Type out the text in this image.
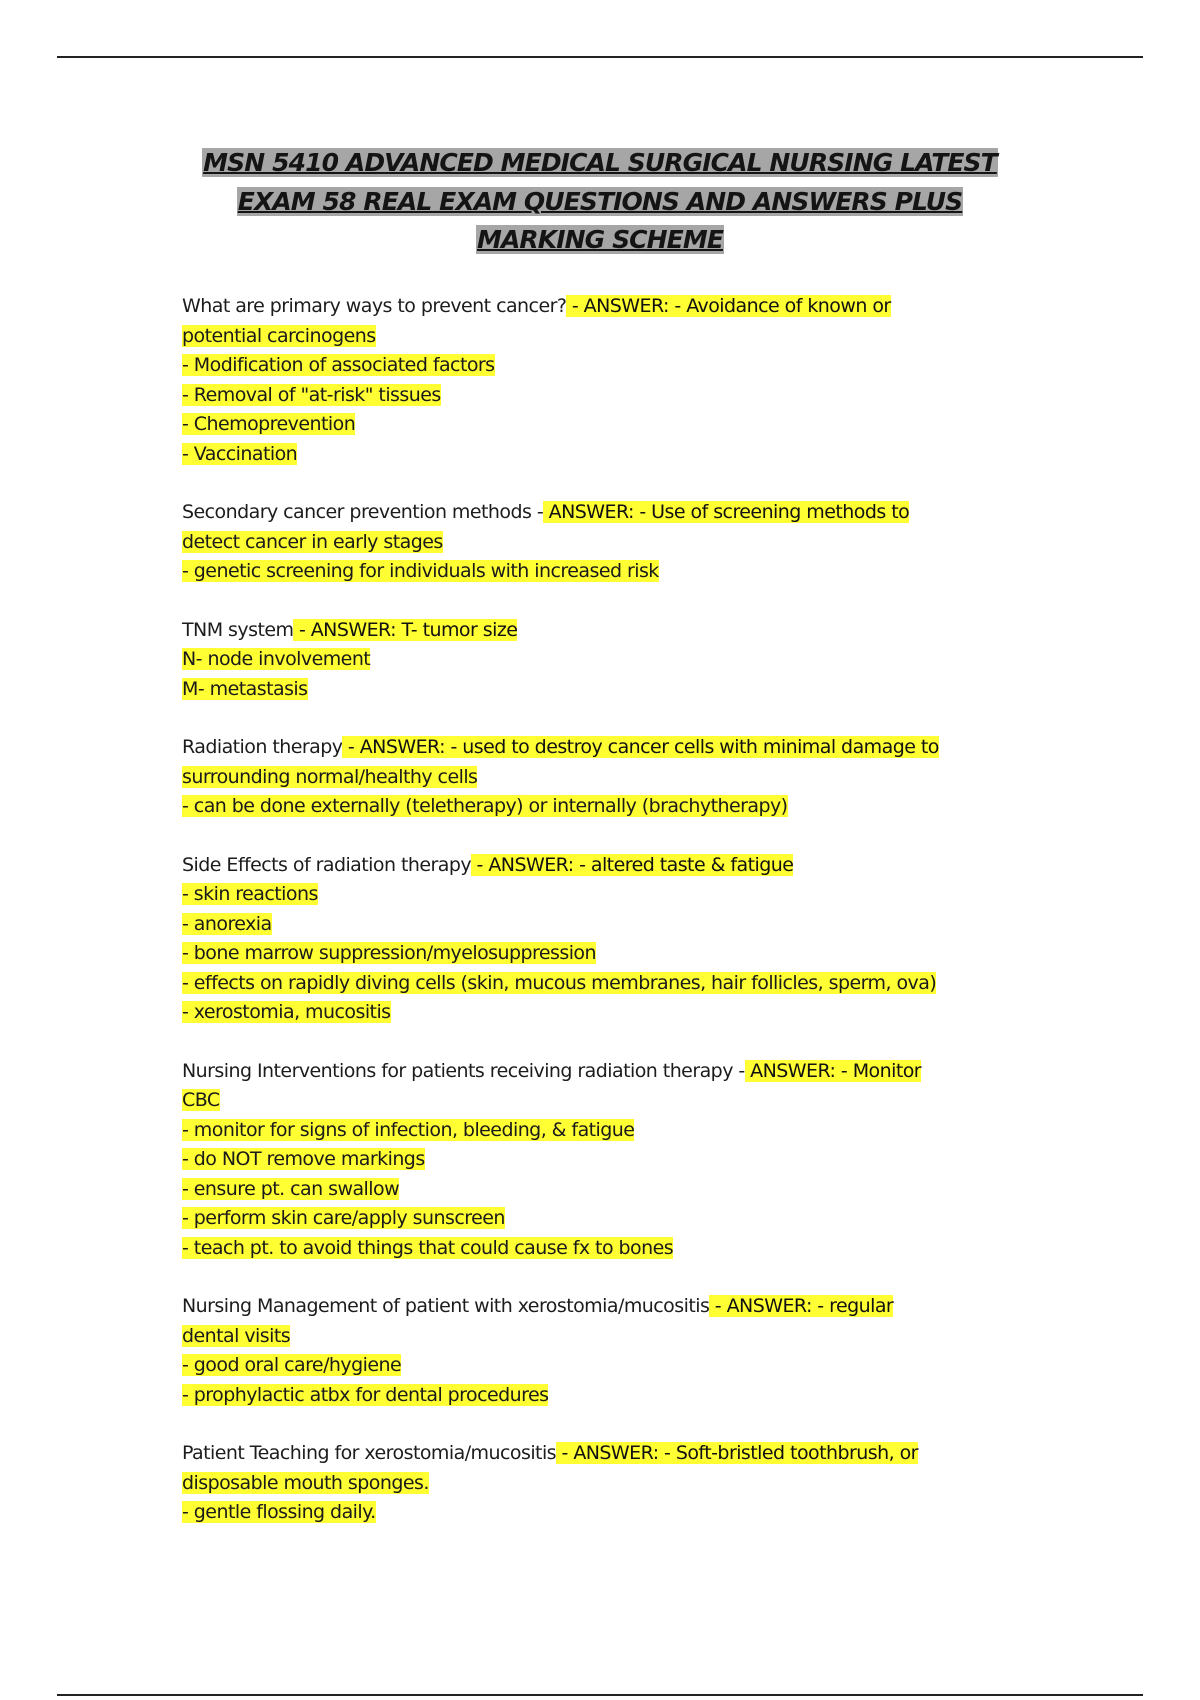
MSN 5410 ADVANCED MEDICAL SURGICAL NURSING LATEST
EXAM 58 REAL EXAM QUESTIONS AND ANSWERS PLUS
MARKING SCHEME
What are primary ways to prevent cancer? - ANSWER: - Avoidance of known or
potential carcinogens
- Modification of associated factors
- Removal of "at-risk" tissues
- Chemoprevention
- Vaccination
Secondary cancer prevention methods - ANSWER: - Use of screening methods to
detect cancer in early stages
- genetic screening for individuals with increased risk
TNM system - ANSWER: T- tumor size
N- node involvement
M- metastasis
Radiation therapy - ANSWER: - used to destroy cancer cells with minimal damage to
surrounding normal/healthy cells
- can be done externally (teletherapy) or internally (brachytherapy)
Side Effects of radiation therapy - ANSWER: - altered taste & fatigue
- skin reactions
- anorexia
- bone marrow suppression/myelosuppression
- effects on rapidly diving cells (skin, mucous membranes, hair follicles, sperm, ova)
- xerostomia, mucositis
Nursing Interventions for patients receiving radiation therapy - ANSWER: - Monitor
CBC
- monitor for signs of infection, bleeding, & fatigue
- do NOT remove markings
- ensure pt. can swallow
- perform skin care/apply sunscreen
- teach pt. to avoid things that could cause fx to bones
Nursing Management of patient with xerostomia/mucositis - ANSWER: - regular
dental visits
- good oral care/hygiene
- prophylactic atbx for dental procedures
Patient Teaching for xerostomia/mucositis - ANSWER: - Soft-bristled toothbrush, or
disposable mouth sponges.
- gentle flossing daily.
